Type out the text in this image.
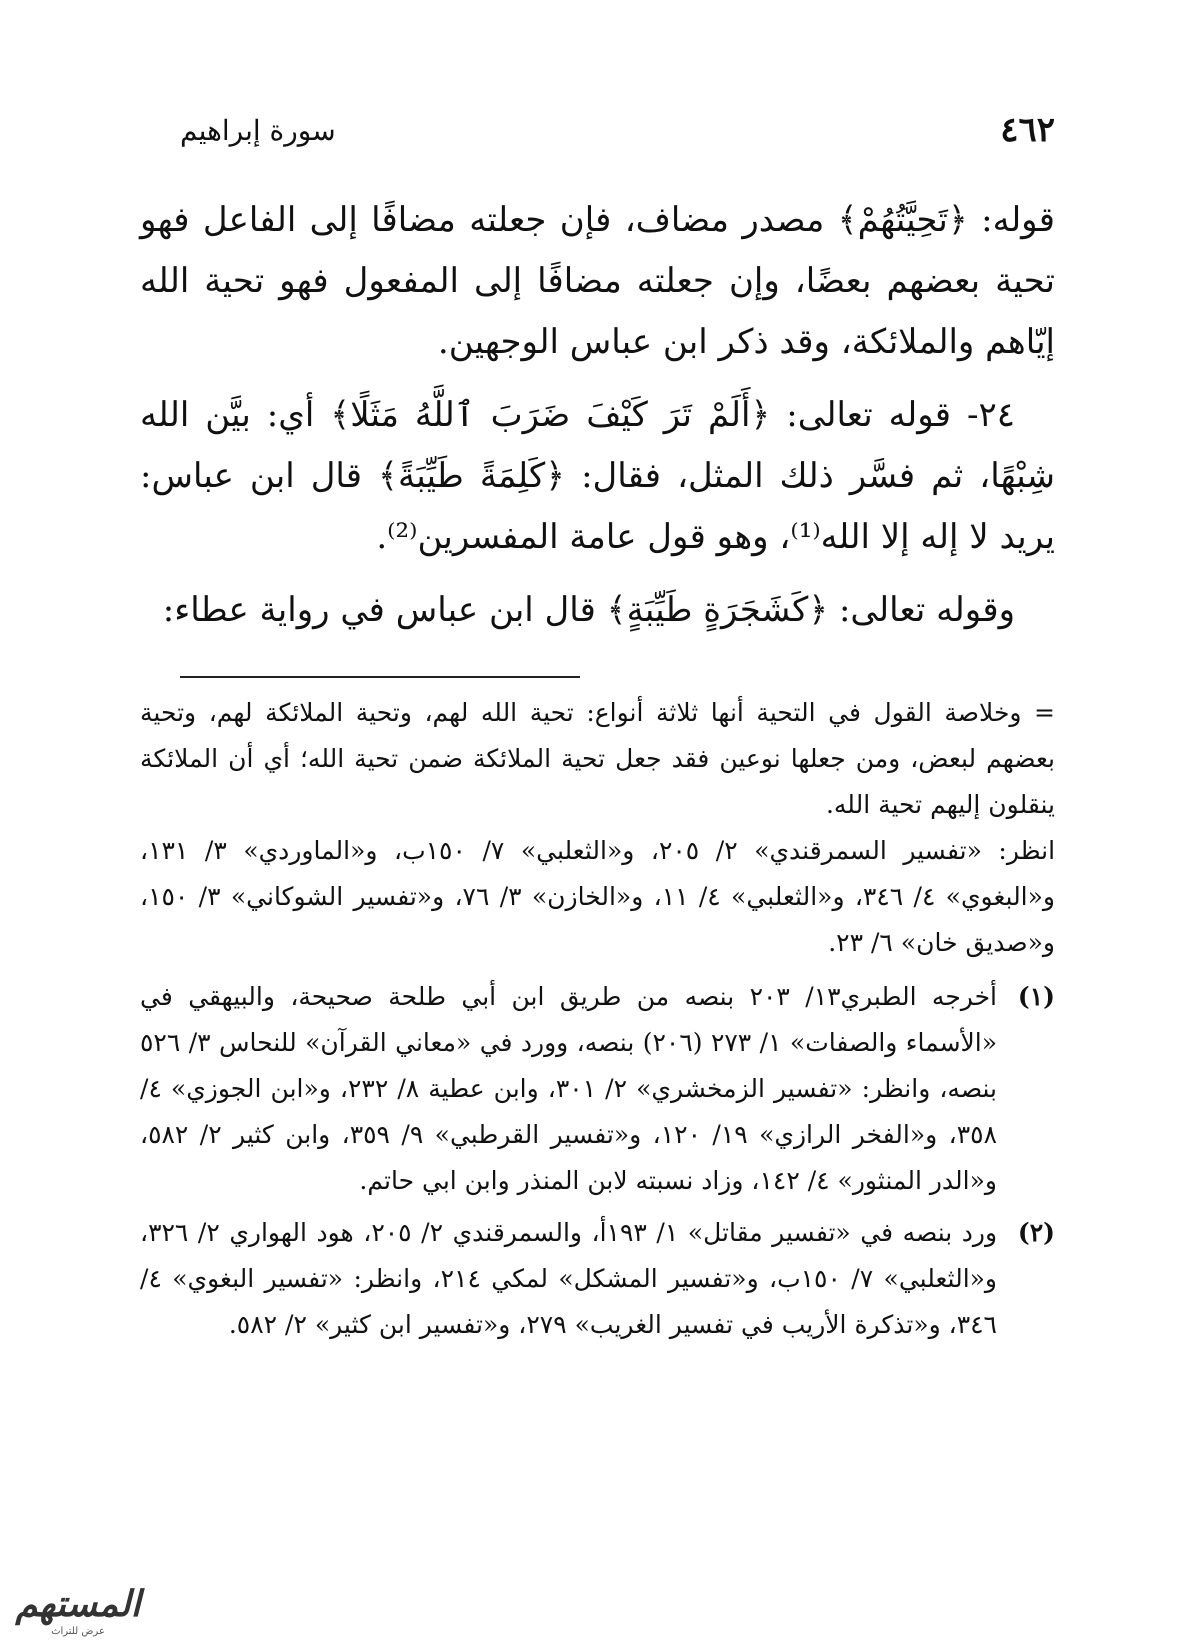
٤٦٢
سورة إبراهيم

قوله: ﴿تَحِيَّتُهُمْ﴾ مصدر مضاف، فإن جعلته مضافًا إلى الفاعل فهو تحية بعضهم بعضًا، وإن جعلته مضافًا إلى المفعول فهو تحية الله إيّاهم والملائكة، وقد ذكر ابن عباس الوجهين.

٢٤- قوله تعالى: ﴿أَلَمْ تَرَ كَيْفَ ضَرَبَ ٱللَّهُ مَثَلًا﴾ أي: بيَّن الله شِبْهًا، ثم فسَّر ذلك المثل، فقال: ﴿كَلِمَةً طَيِّبَةً﴾ قال ابن عباس: يريد لا إله إلا الله⁽¹⁾، وهو قول عامة المفسرين⁽²⁾.

وقوله تعالى: ﴿كَشَجَرَةٍ طَيِّبَةٍ﴾ قال ابن عباس في رواية عطاء:

= وخلاصة القول في التحية أنها ثلاثة أنواع: تحية الله لهم، وتحية الملائكة لهم، وتحية بعضهم لبعض، ومن جعلها نوعين فقد جعل تحية الملائكة ضمن تحية الله؛ أي أن الملائكة ينقلون إليهم تحية الله.

انظر: «تفسير السمرقندي» ٢/ ٢٠٥، و«الثعلبي» ٧/ ١٥٠ب، و«الماوردي» ٣/ ١٣١، و«البغوي» ٤/ ٣٤٦، و«الثعلبي» ٤/ ١١، و«الخازن» ٣/ ٧٦، و«تفسير الشوكاني» ٣/ ١٥٠، و«صديق خان» ٦/ ٢٣.

(١)
أخرجه الطبري١٣/ ٢٠٣ بنصه من طريق ابن أبي طلحة صحيحة، والبيهقي في «الأسماء والصفات» ١/ ٢٧٣ (٢٠٦) بنصه، وورد في «معاني القرآن» للنحاس ٣/ ٥٢٦ بنصه، وانظر: «تفسير الزمخشري» ٢/ ٣٠١، وابن عطية ٨/ ٢٣٢، و«ابن الجوزي» ٤/ ٣٥٨، و«الفخر الرازي» ١٩/ ١٢٠، و«تفسير القرطبي» ٩/ ٣٥٩، وابن كثير ٢/ ٥٨٢، و«الدر المنثور» ٤/ ١٤٢، وزاد نسبته لابن المنذر وابن ابي حاتم.
(٢)
ورد بنصه في «تفسير مقاتل» ١/ ١٩٣أ، والسمرقندي ٢/ ٢٠٥، هود الهواري ٢/ ٣٢٦، و«الثعلبي» ٧/ ١٥٠ب، و«تفسير المشكل» لمكي ٢١٤، وانظر: «تفسير البغوي» ٤/ ٣٤٦، و«تذكرة الأريب في تفسير الغريب» ٢٧٩، و«تفسير ابن كثير» ٢/ ٥٨٢.
المستهم
عرض للتراث
